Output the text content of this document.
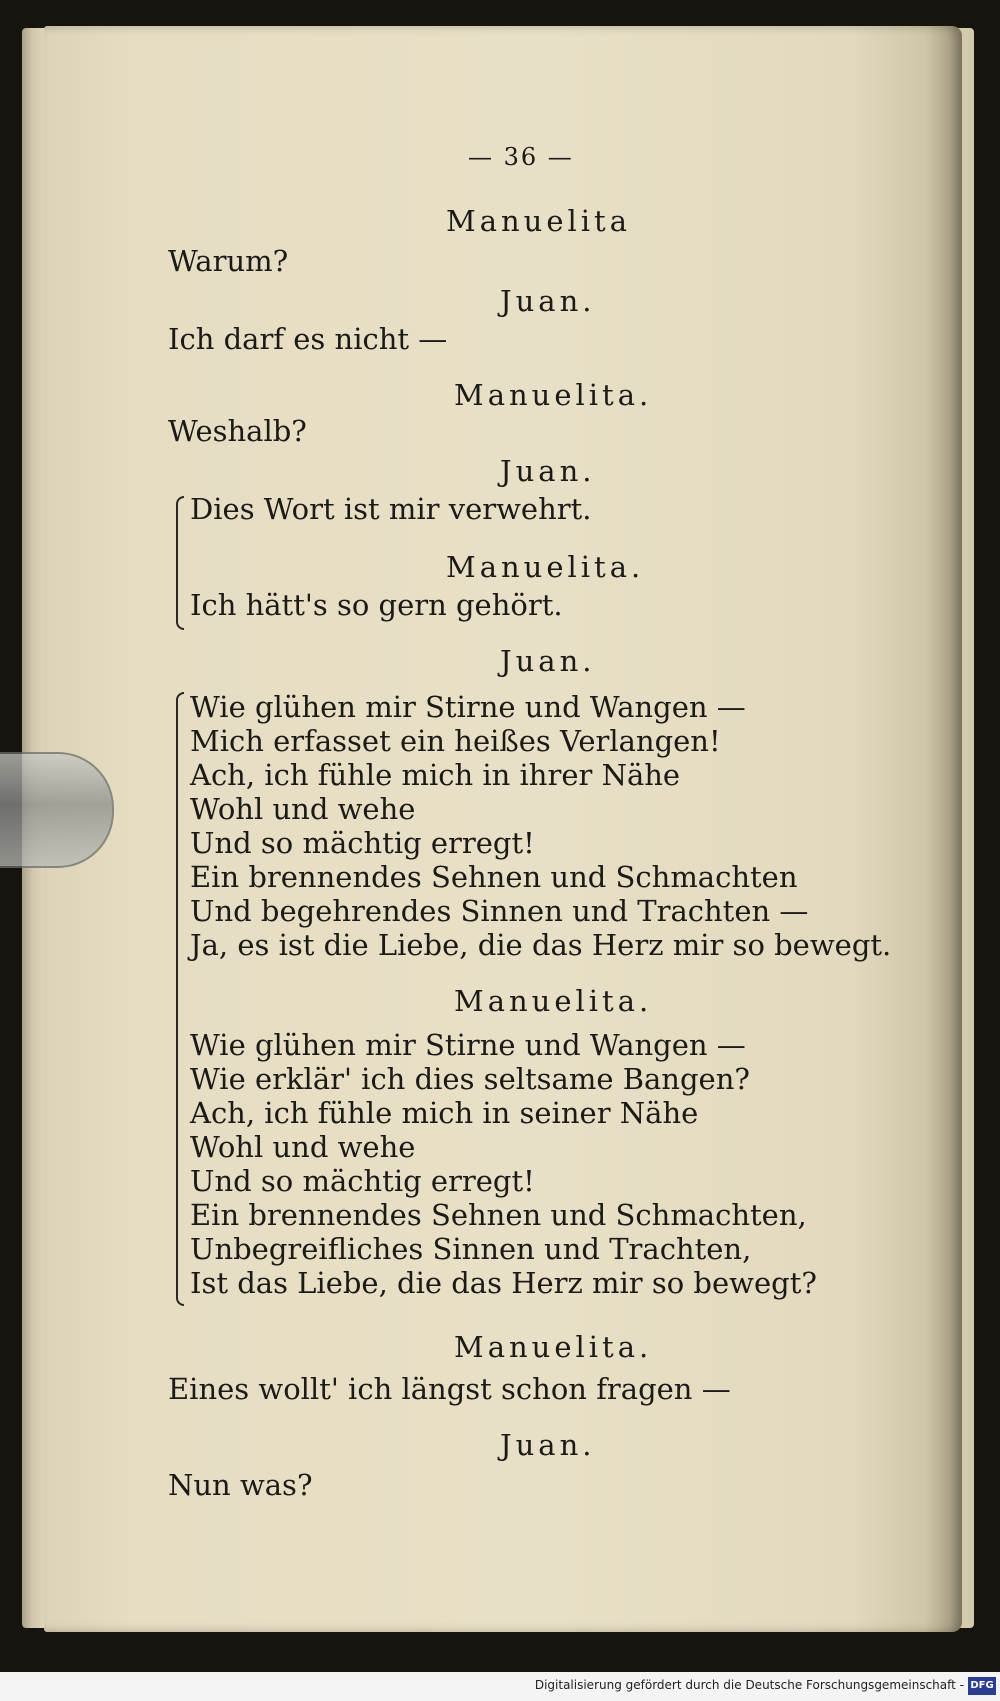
— 36 —

Manuelita

Warum?

Juan.

Ich darf es nicht —

Manuelita.

Weshalb?

Juan.

Dies Wort ist mir verwehrt.

Manuelita.

Ich hätt's so gern gehört.

Juan.

Wie glühen mir Stirne und Wangen —

Mich erfasset ein heißes Verlangen!

Ach, ich fühle mich in ihrer Nähe

Wohl und wehe

Und so mächtig erregt!

Ein brennendes Sehnen und Schmachten

Und begehrendes Sinnen und Trachten —

Ja, es ist die Liebe, die das Herz mir so bewegt.

Manuelita.

Wie glühen mir Stirne und Wangen —

Wie erklär' ich dies seltsame Bangen?

Ach, ich fühle mich in seiner Nähe

Wohl und wehe

Und so mächtig erregt!

Ein brennendes Sehnen und Schmachten,

Unbegreifliches Sinnen und Trachten,

Ist das Liebe, die das Herz mir so bewegt?

Manuelita.

Eines wollt' ich längst schon fragen —

Juan.

Nun was?

Digitalisierung gefördert durch die Deutsche Forschungsgemeinschaft - DFG
